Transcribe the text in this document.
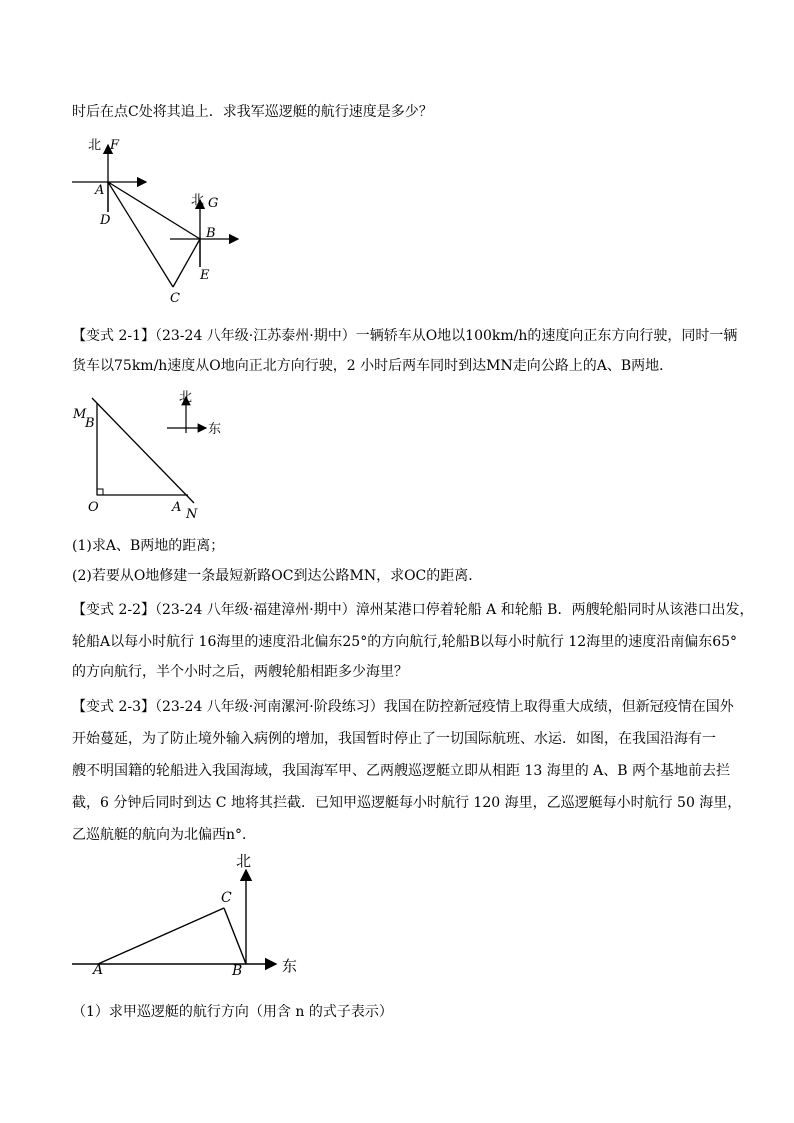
时后在点C处将其追上．求我军巡逻艇的航行速度是多少？
北 F
A
D
北 G
B
E
C
【变式 2-1】（23-24 八年级·江苏泰州·期中）一辆轿车从O地以100km/h的速度向正东方向行驶，同时一辆
货车以75km/h速度从O地向正北方向行驶，2 小时后两车同时到达MN走向公路上的A、B两地．
北
东
M
B
O	A N
(1)求A、B两地的距离；
(2)若要从O地修建一条最短新路OC到达公路MN，求OC的距离．
【变式 2-2】（23-24 八年级·福建漳州·期中）漳州某港口停着轮船 A 和轮船 B．两艘轮船同时从该港口出发，
轮船A以每小时航行 16海里的速度沿北偏东25°的方向航行,轮船B以每小时航行 12海里的速度沿南偏东65°
的方向航行，半个小时之后，两艘轮船相距多少海里？
【变式 2-3】（23-24 八年级·河南漯河·阶段练习）我国在防控新冠疫情上取得重大成绩，但新冠疫情在国外
开始蔓延，为了防止境外输入病例的增加，我国暂时停止了一切国际航班、水运．如图，在我国沿海有一
艘不明国籍的轮船进入我国海域，我国海军甲、乙两艘巡逻艇立即从相距 13 海里的 A、B 两个基地前去拦
截，6 分钟后同时到达 C 地将其拦截．已知甲巡逻艇每小时航行 120 海里，乙巡逻艇每小时航行 50 海里，
乙巡航艇的航向为北偏西n°．
北
东
C
A	B
（1）求甲巡逻艇的航行方向（用含 n 的式子表示）
